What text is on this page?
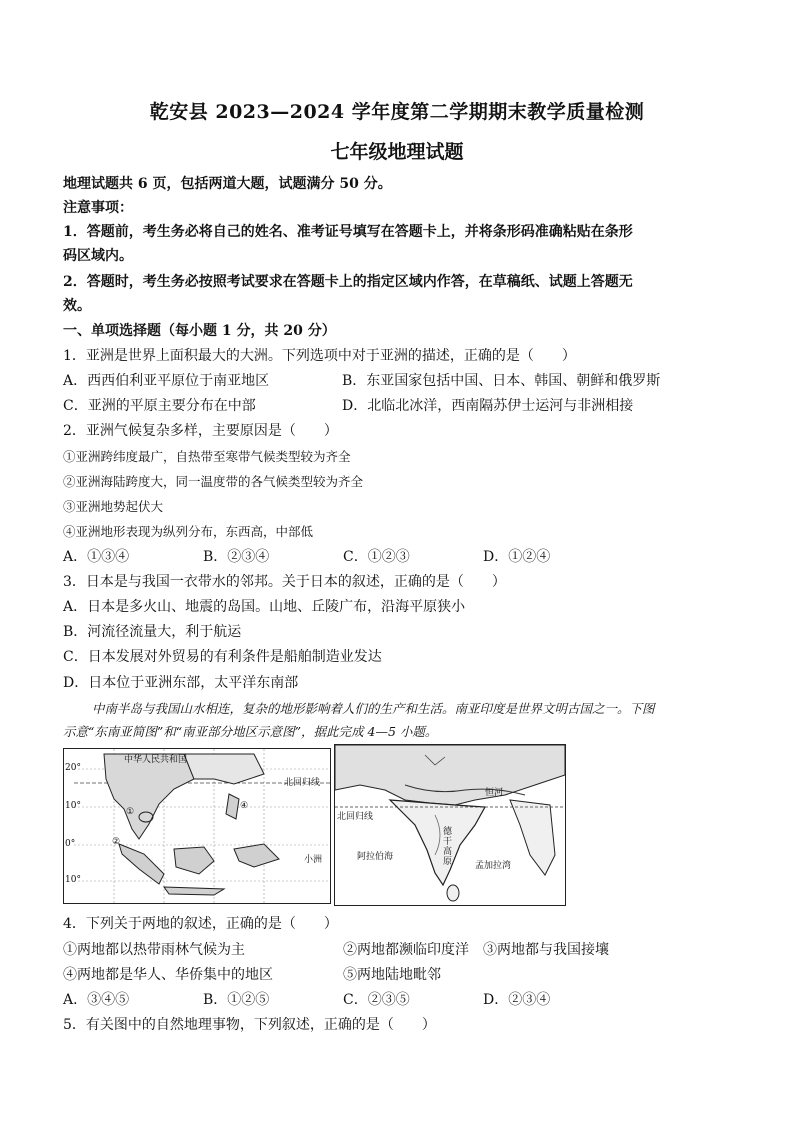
乾安县 2023—2024 学年度第二学期期末教学质量检测
七年级地理试题
地理试题共 6 页，包括两道大题，试题满分 50 分。
注意事项：
1．答题前，考生务必将自己的姓名、准考证号填写在答题卡上，并将条形码准确粘贴在条形
码区域内。
2．答题时，考生务必按照考试要求在答题卡上的指定区域内作答，在草稿纸、试题上答题无
效。
一、单项选择题（每小题 1 分，共 20 分）
1．亚洲是世界上面积最大的大洲。下列选项中对于亚洲的描述，正确的是（　　）
A．西西伯利亚平原位于南亚地区	B．东亚国家包括中国、日本、韩国、朝鲜和俄罗斯
C．亚洲的平原主要分布在中部	D．北临北冰洋，西南隔苏伊士运河与非洲相接
2．亚洲气候复杂多样，主要原因是（　　）
①亚洲跨纬度最广，自热带至寒带气候类型较为齐全
②亚洲海陆跨度大，同一温度带的各气候类型较为齐全
③亚洲地势起伏大
④亚洲地形表现为纵列分布，东西高，中部低
A．①③④	B．②③④	C．①②③	D．①②④
3．日本是与我国一衣带水的邻邦。关于日本的叙述，正确的是（　　）
A．日本是多火山、地震的岛国。山地、丘陵广布，沿海平原狭小
B．河流径流量大，利于航运
C．日本发展对外贸易的有利条件是船舶制造业发达
D．日本位于亚洲东部，太平洋东南部
中南半岛与我国山水相连，复杂的地形影响着人们的生产和生活。南亚印度是世界文明古国之一。下图
示意“东南亚简图”和“南亚部分地区示意图”，据此完成 4—5 小题。
中华人民共和国
北回归线
20°
10°
0°
10°
①
②
④
小洲
北回归线
阿拉伯海
孟加拉湾
德干高原
恒河
4．下列关于两地的叙述，正确的是（　　）
①两地都以热带雨林气候为主	②两地都濒临印度洋 ③两地都与我国接壤
④两地都是华人、华侨集中的地区	⑤两地陆地毗邻
A．③④⑤	B．①②⑤	C．②③⑤	D．②③④
5．有关图中的自然地理事物，下列叙述，正确的是（　　）
